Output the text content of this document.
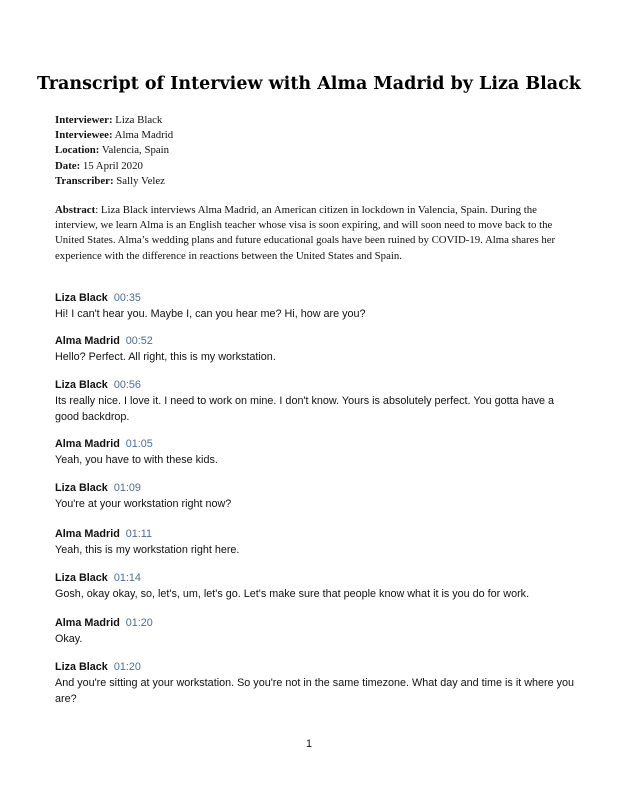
Transcript of Interview with Alma Madrid by Liza Black
Interviewer: Liza Black
Interviewee: Alma Madrid
Location: Valencia, Spain
Date: 15 April 2020
Transcriber: Sally Velez
Abstract: Liza Black interviews Alma Madrid, an American citizen in lockdown in Valencia, Spain. During the interview, we learn Alma is an English teacher whose visa is soon expiring, and will soon need to move back to the United States. Alma’s wedding plans and future educational goals have been ruined by COVID-19. Alma shares her experience with the difference in reactions between the United States and Spain.
Liza Black 00:35
Hi! I can't hear you. Maybe I, can you hear me? Hi, how are you?
Alma Madrid 00:52
Hello? Perfect. All right, this is my workstation.
Liza Black 00:56
Its really nice. I love it. I need to work on mine. I don't know. Yours is absolutely perfect. You gotta have a good backdrop.
Alma Madrid 01:05
Yeah, you have to with these kids.
Liza Black 01:09
You're at your workstation right now?
Alma Madrid 01:11
Yeah, this is my workstation right here.
Liza Black 01:14
Gosh, okay okay, so, let's, um, let's go. Let's make sure that people know what it is you do for work.
Alma Madrid 01:20
Okay.
Liza Black 01:20
And you're sitting at your workstation. So you're not in the same timezone. What day and time is it where you are?
1
